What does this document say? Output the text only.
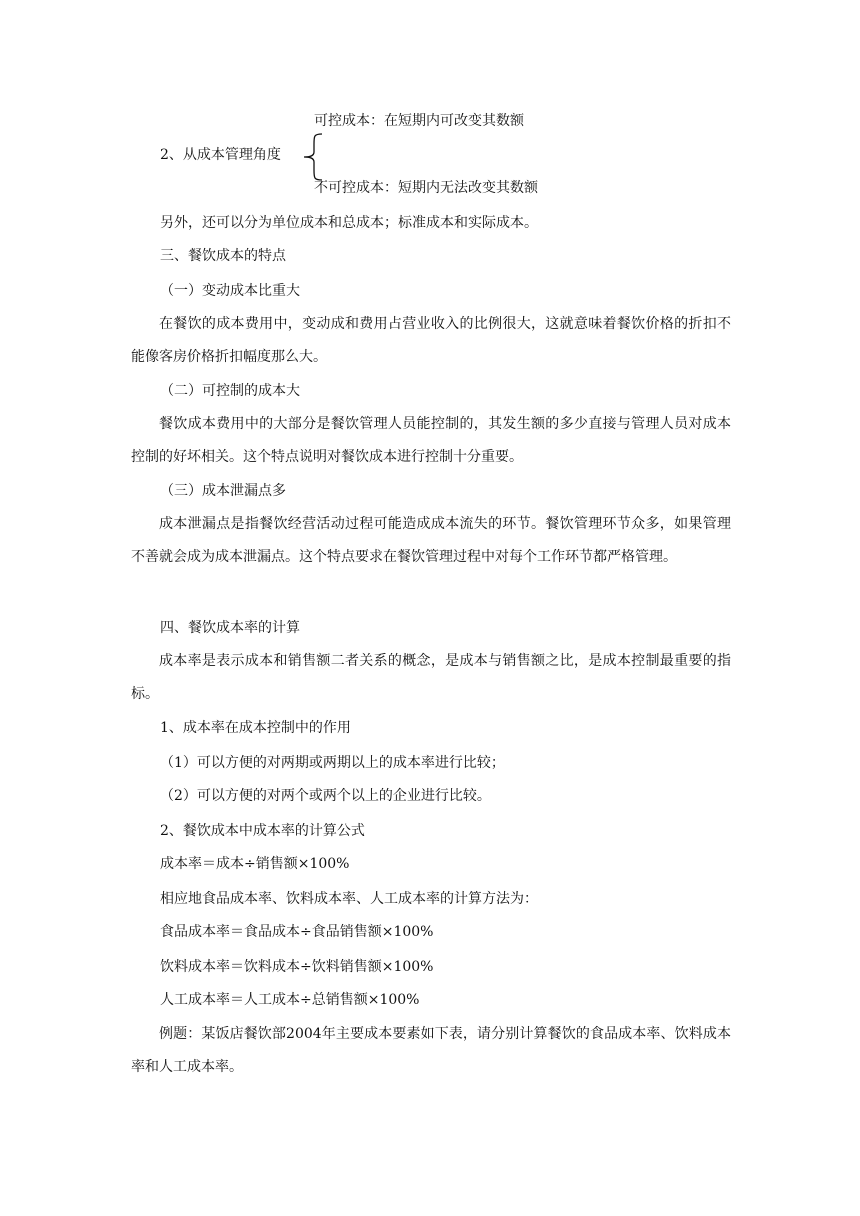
可控成本：在短期内可改变其数额
2、从成本管理角度
不可控成本：短期内无法改变其数额
另外，还可以分为单位成本和总成本；标准成本和实际成本。
三、餐饮成本的特点
（一）变动成本比重大
在餐饮的成本费用中，变动成和费用占营业收入的比例很大，这就意味着餐饮价格的折扣不能像客房价格折扣幅度那么大。
（二）可控制的成本大
餐饮成本费用中的大部分是餐饮管理人员能控制的，其发生额的多少直接与管理人员对成本控制的好坏相关。这个特点说明对餐饮成本进行控制十分重要。
（三）成本泄漏点多
成本泄漏点是指餐饮经营活动过程可能造成成本流失的环节。餐饮管理环节众多，如果管理不善就会成为成本泄漏点。这个特点要求在餐饮管理过程中对每个工作环节都严格管理。
四、餐饮成本率的计算
成本率是表示成本和销售额二者关系的概念，是成本与销售额之比，是成本控制最重要的指标。
1、成本率在成本控制中的作用
（1）可以方便的对两期或两期以上的成本率进行比较；
（2）可以方便的对两个或两个以上的企业进行比较。
2、餐饮成本中成本率的计算公式
成本率＝成本÷销售额×100%
相应地食品成本率、饮料成本率、人工成本率的计算方法为：
食品成本率＝食品成本÷食品销售额×100%
饮料成本率＝饮料成本÷饮料销售额×100%
人工成本率＝人工成本÷总销售额×100%
例题：某饭店餐饮部2004年主要成本要素如下表，请分别计算餐饮的食品成本率、饮料成本率和人工成本率。
